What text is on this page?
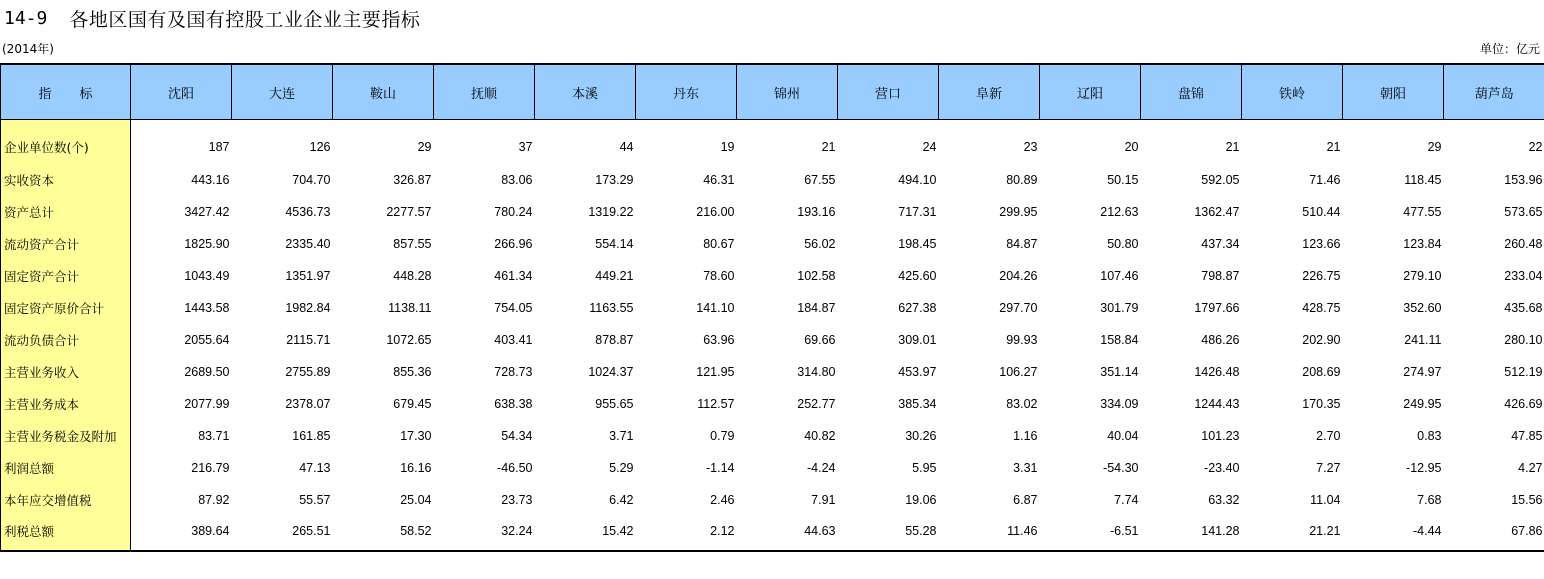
14-9 各地区国有及国有控股工业企业主要指标
(2014年)	单位：亿元
指 标	沈阳	大连	鞍山	抚顺	本溪	丹东	锦州	营口	阜新	辽阳	盘锦	铁岭	朝阳	葫芦岛
企业单位数(个)	187	126	29	37	44	19	21	24	23	20	21	21	29	22
实收资本	443.16	704.70	326.87	83.06	173.29	46.31	67.55	494.10	80.89	50.15	592.05	71.46	118.45	153.96
资产总计	3427.42	4536.73	2277.57	780.24	1319.22	216.00	193.16	717.31	299.95	212.63	1362.47	510.44	477.55	573.65
流动资产合计	1825.90	2335.40	857.55	266.96	554.14	80.67	56.02	198.45	84.87	50.80	437.34	123.66	123.84	260.48
固定资产合计	1043.49	1351.97	448.28	461.34	449.21	78.60	102.58	425.60	204.26	107.46	798.87	226.75	279.10	233.04
固定资产原价合计	1443.58	1982.84	1138.11	754.05	1163.55	141.10	184.87	627.38	297.70	301.79	1797.66	428.75	352.60	435.68
流动负债合计	2055.64	2115.71	1072.65	403.41	878.87	63.96	69.66	309.01	99.93	158.84	486.26	202.90	241.11	280.10
主营业务收入	2689.50	2755.89	855.36	728.73	1024.37	121.95	314.80	453.97	106.27	351.14	1426.48	208.69	274.97	512.19
主营业务成本	2077.99	2378.07	679.45	638.38	955.65	112.57	252.77	385.34	83.02	334.09	1244.43	170.35	249.95	426.69
主营业务税金及附加	83.71	161.85	17.30	54.34	3.71	0.79	40.82	30.26	1.16	40.04	101.23	2.70	0.83	47.85
利润总额	216.79	47.13	16.16	-46.50	5.29	-1.14	-4.24	5.95	3.31	-54.30	-23.40	7.27	-12.95	4.27
本年应交增值税	87.92	55.57	25.04	23.73	6.42	2.46	7.91	19.06	6.87	7.74	63.32	11.04	7.68	15.56
利税总额	389.64	265.51	58.52	32.24	15.42	2.12	44.63	55.28	11.46	-6.51	141.28	21.21	-4.44	67.86
